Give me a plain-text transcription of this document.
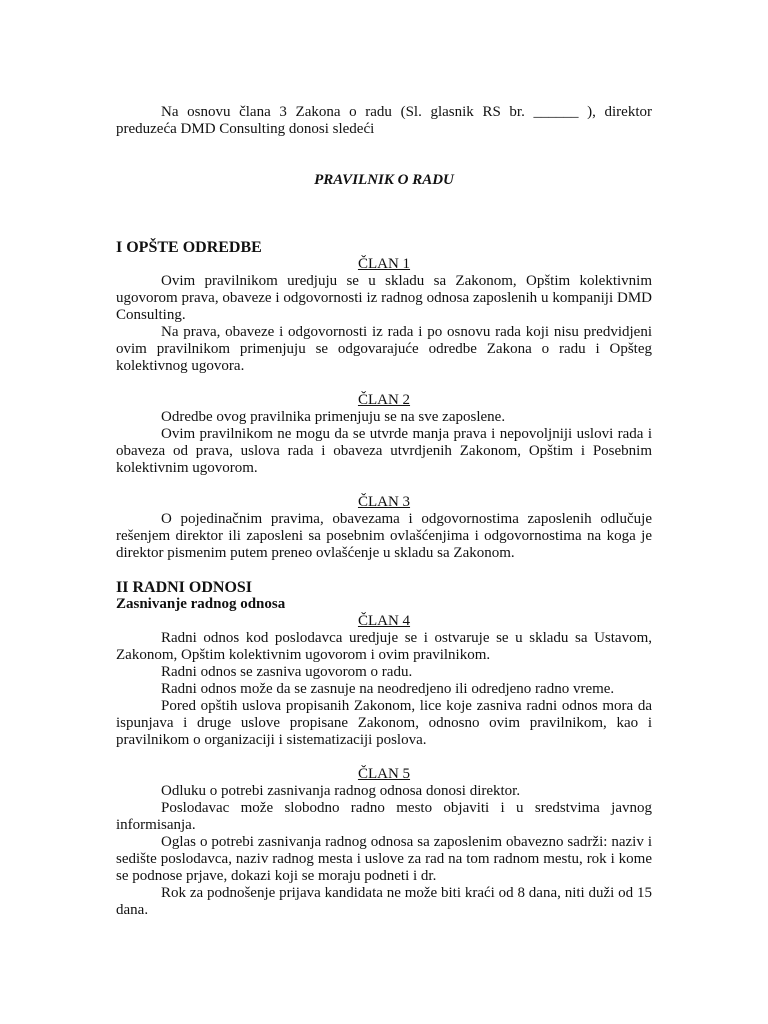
Na osnovu člana 3 Zakona o radu (Sl. glasnik RS br. ______ ), direktor
preduzeća DMD Consulting donosi sledeći
PRAVILNIK O RADU
I OPŠTE ODREDBE
ČLAN 1
Ovim pravilnikom uredjuju se u skladu sa Zakonom, Opštim kolektivnim ugovorom prava, obaveze i odgovornosti iz radnog odnosa zaposlenih u kompaniji DMD Consulting.
Na prava, obaveze i odgovornosti iz rada i po osnovu rada koji nisu predvidjeni ovim pravilnikom primenjuju se odgovarajuće odredbe Zakona o radu i Opšteg kolektivnog ugovora.
ČLAN 2
Odredbe ovog pravilnika primenjuju se na sve zaposlene.
Ovim pravilnikom ne mogu da se utvrde manja prava i nepovoljniji uslovi rada i obaveza od prava, uslova rada i obaveza utvrdjenih Zakonom, Opštim i Posebnim kolektivnim ugovorom.
ČLAN 3
O pojedinačnim pravima, obavezama i odgovornostima zaposlenih odlučuje rešenjem direktor ili zaposleni sa posebnim ovlašćenjima i odgovornostima na koga je direktor pismenim putem preneo ovlašćenje u skladu sa Zakonom.
II RADNI ODNOSI
Zasnivanje radnog odnosa
ČLAN 4
Radni odnos kod poslodavca uredjuje se i ostvaruje se u skladu sa Ustavom, Zakonom, Opštim kolektivnim ugovorom i ovim pravilnikom.
Radni odnos se zasniva ugovorom o radu.
Radni odnos može da se zasnuje na neodredjeno ili odredjeno radno vreme.
Pored opštih uslova propisanih Zakonom, lice koje zasniva radni odnos mora da ispunjava i druge uslove propisane Zakonom, odnosno ovim pravilnikom, kao i pravilnikom o organizaciji i sistematizaciji poslova.
ČLAN 5
Odluku o potrebi zasnivanja radnog odnosa donosi direktor.
Poslodavac može slobodno radno mesto objaviti i u sredstvima javnog informisanja.
Oglas o potrebi zasnivanja radnog odnosa sa zaposlenim obavezno sadrži: naziv i sedište poslodavca, naziv radnog mesta i uslove za rad na tom radnom mestu, rok i kome se podnose prjave, dokazi koji se moraju podneti i dr.
Rok za podnošenje prijava kandidata ne može biti kraći od 8 dana, niti duži od 15 dana.
